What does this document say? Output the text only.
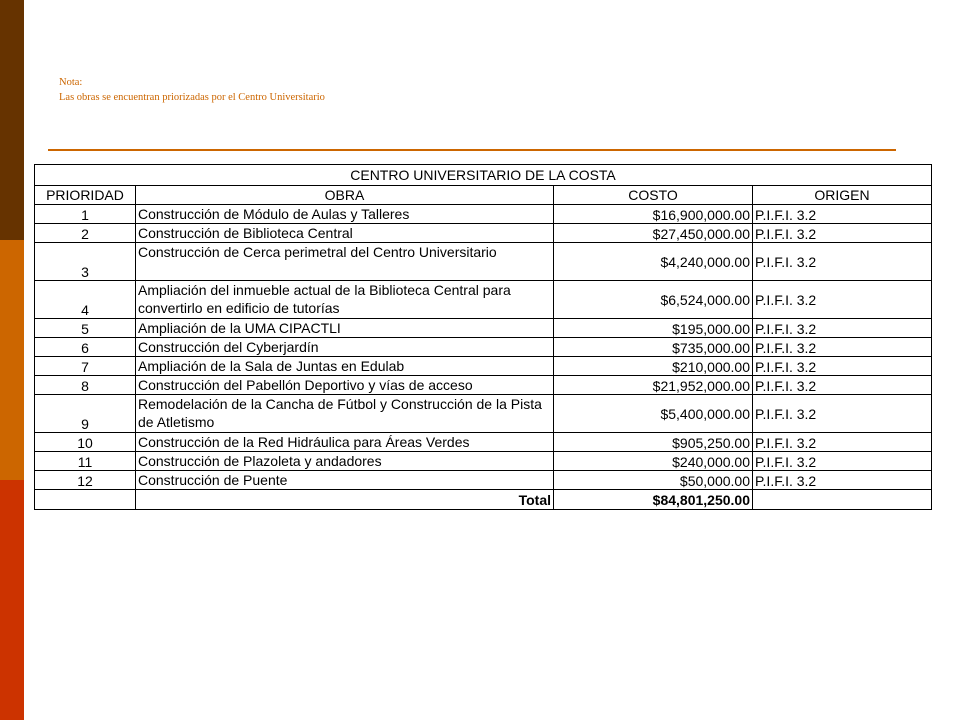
Nota:
Las obras se encuentran priorizadas por el Centro Universitario
CENTRO UNIVERSITARIO DE LA COSTA			
PRIORIDAD	OBRA	COSTO	ORIGEN
1	Construcción de Módulo de Aulas y Talleres	$16,900,000.00	P.I.F.I. 3.2
2	Construcción de Biblioteca Central	$27,450,000.00	P.I.F.I. 3.2
3	Construcción de Cerca perimetral del Centro Universitario	$4,240,000.00	P.I.F.I. 3.2
4	Ampliación del inmueble actual de la Biblioteca Central para convertirlo en edificio de tutorías	$6,524,000.00	P.I.F.I. 3.2
5	Ampliación de la UMA CIPACTLI	$195,000.00	P.I.F.I. 3.2
6	Construcción del Cyberjardín	$735,000.00	P.I.F.I. 3.2
7	Ampliación de la Sala de Juntas en Edulab	$210,000.00	P.I.F.I. 3.2
8	Construcción del Pabellón Deportivo y vías de acceso	$21,952,000.00	P.I.F.I. 3.2
9	Remodelación de la Cancha de Fútbol y Construcción de la Pista de Atletismo	$5,400,000.00	P.I.F.I. 3.2
10	Construcción de la Red Hidráulica para Áreas Verdes	$905,250.00	P.I.F.I. 3.2
11	Construcción de Plazoleta y andadores	$240,000.00	P.I.F.I. 3.2
12	Construcción de Puente	$50,000.00	P.I.F.I. 3.2
	Total	$84,801,250.00	
